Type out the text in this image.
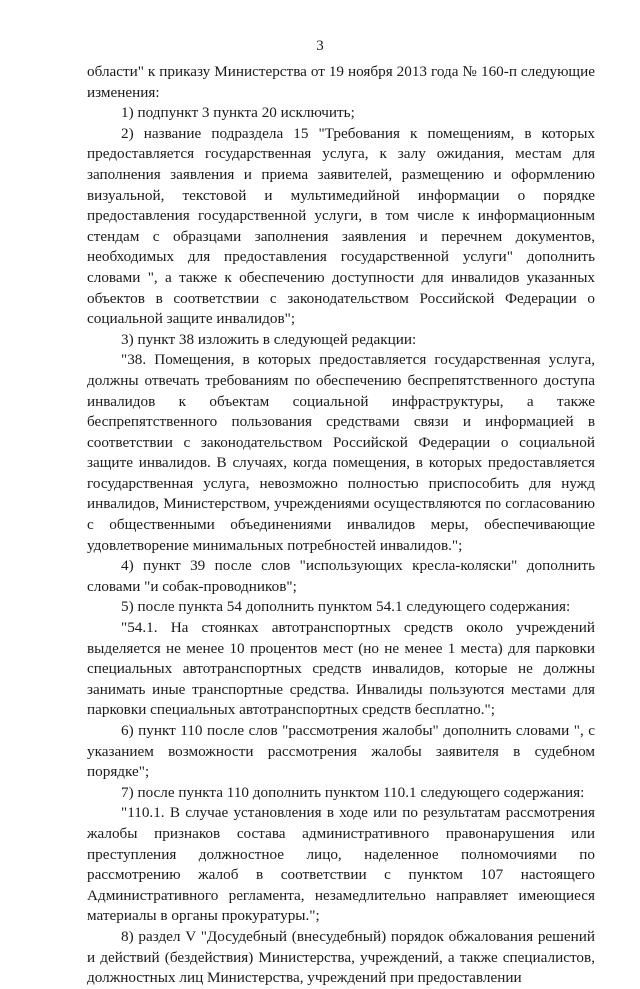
3

области" к приказу Министерства от 19 ноября 2013 года № 160-п следующие изменения:

1) подпункт 3 пункта 20 исключить;

2) название подраздела 15 "Требования к помещениям, в которых предоставляется государственная услуга, к залу ожидания, местам для заполнения заявления и приема заявителей, размещению и оформлению визуальной, текстовой и мультимедийной информации о порядке предоставления государственной услуги, в том числе к информационным стендам с образцами заполнения заявления и перечнем документов, необходимых для предоставления государственной услуги" дополнить словами ", а также к обеспечению доступности для инвалидов указанных объектов в соответствии с законодательством Российской Федерации о социальной защите инвалидов";

3) пункт 38 изложить в следующей редакции:

"38. Помещения, в которых предоставляется государственная услуга, должны отвечать требованиям по обеспечению беспрепятственного доступа инвалидов к объектам социальной инфраструктуры, а также беспрепятственного пользования средствами связи и информацией в соответствии с законодательством Российской Федерации о социальной защите инвалидов. В случаях, когда помещения, в которых предоставляется государственная услуга, невозможно полностью приспособить для нужд инвалидов, Министерством, учреждениями осуществляются по согласованию с общественными объединениями инвалидов меры, обеспечивающие удовлетворение минимальных потребностей инвалидов.";

4) пункт 39 после слов "использующих кресла-коляски" дополнить словами "и собак-проводников";

5) после пункта 54 дополнить пунктом 54.1 следующего содержания:

"54.1. На стоянках автотранспортных средств около учреждений выделяется не менее 10 процентов мест (но не менее 1 места) для парковки специальных автотранспортных средств инвалидов, которые не должны занимать иные транспортные средства. Инвалиды пользуются местами для парковки специальных автотранспортных средств бесплатно.";

6) пункт 110 после слов "рассмотрения жалобы" дополнить словами ", с указанием возможности рассмотрения жалобы заявителя в судебном порядке";

7) после пункта 110 дополнить пунктом 110.1 следующего содержания:

"110.1. В случае установления в ходе или по результатам рассмотрения жалобы признаков состава административного правонарушения или преступления должностное лицо, наделенное полномочиями по рассмотрению жалоб в соответствии с пунктом 107 настоящего Административного регламента, незамедлительно направляет имеющиеся материалы в органы прокуратуры.";

8) раздел V "Досудебный (внесудебный) порядок обжалования решений и действий (бездействия) Министерства, учреждений, а также специалистов, должностных лиц Министерства, учреждений при предоставлении
